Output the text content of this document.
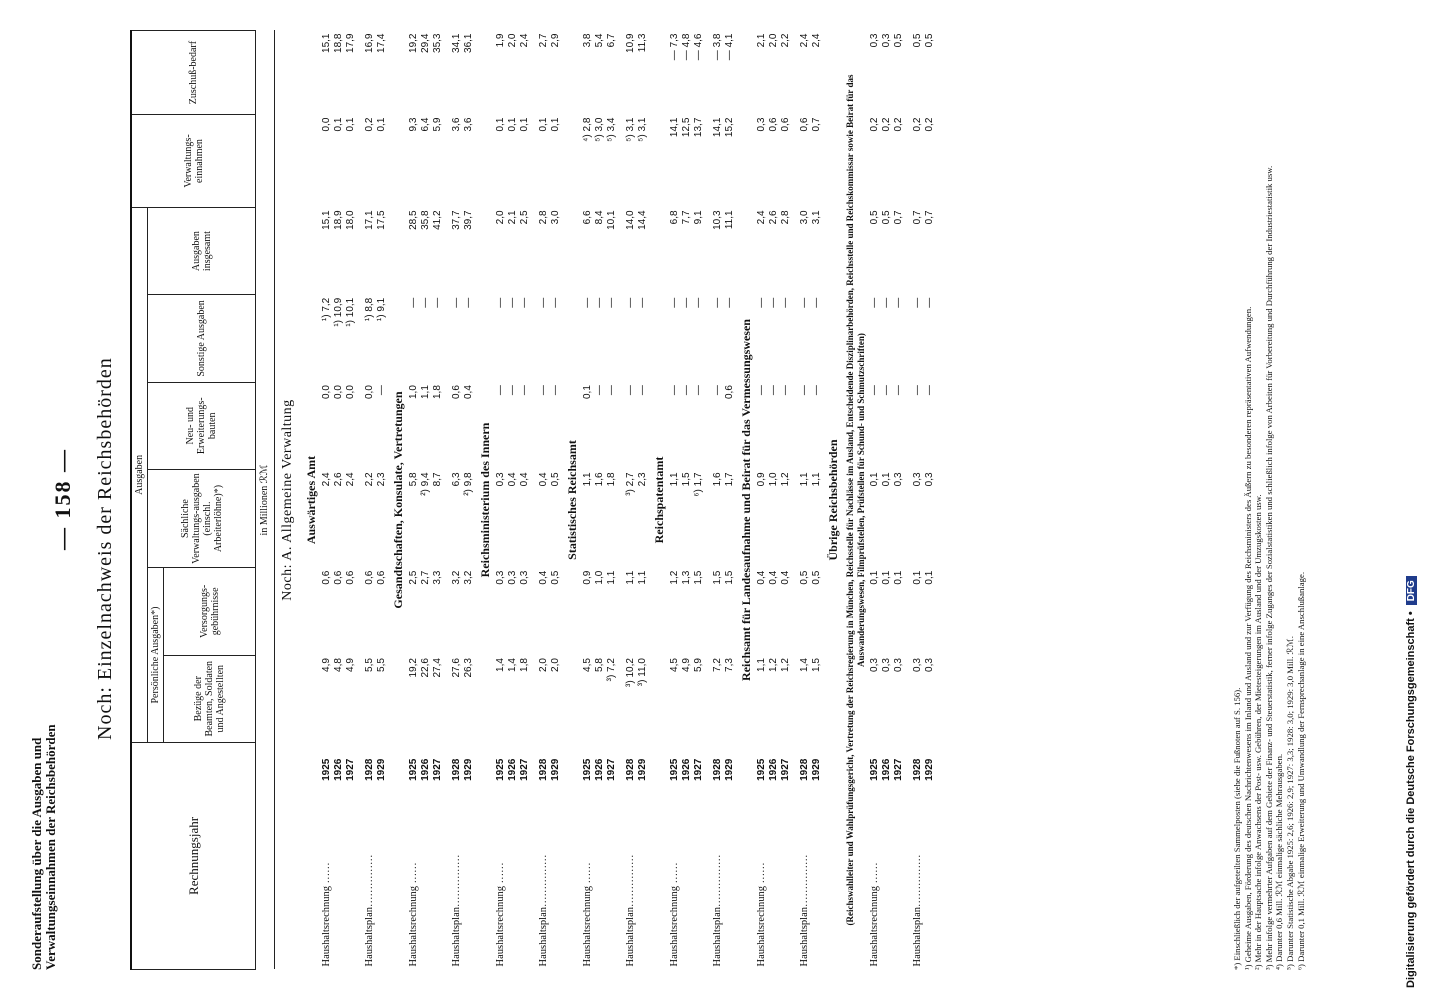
Sonderaufstellung über die Ausgaben und Verwaltungseinnahmen der Reichsbehörden
— 158 — Noch: Einzelnachweis der Reichsbehörden
Rechnungsjahr		Ausgaben						Verwaltungs-einnahmen	Zuschuß-bedarf
		Persönliche Ausgaben*)		Sächliche Verwaltungs-ausgaben (einschl. Arbeiterlöhne)*)	Neu- und Erweiterungs-bauten	Sonstige Ausgaben	Ausgaben insgesamt		
		Bezüge der Beamten, Soldaten und Angestellten	Versorgungs-gebührnisse						
in Millionen ℛℳ									
Noch: A. Allgemeine Verwaltung									
Auswärtiges Amt									
Haushaltsrechnung ……	1925	4,9	0,6	2,4	0,0	¹) 7,2	15,1	0,0	15,1
	1926	4,8	0,6	2,6	0,0	¹) 10,9	18,9	0,1	18,8
	1927	4,9	0,6	2,4	0,0	¹) 10,1	18,0	0,1	17,9

Haushaltsplan……………	1928	5,5	0,6	2,2	0,0	¹) 8,8	17,1	0,2	16,9
	1929	5,5	0,6	2,3	—	¹) 9,1	17,5	0,1	17,4
Gesandtschaften, Konsulate, Vertretungen									
Haushaltsrechnung ……	1925	19,2	2,5	5,8	1,0	—	28,5	9,3	19,2
	1926	22,6	2,7	²) 9,4	1,1	—	35,8	6,4	29,4
	1927	27,4	3,3	8,7	1,8	—	41,2	5,9	35,3

Haushaltsplan……………	1928	27,6	3,2	6,3	0,6	—	37,7	3,6	34,1
	1929	26,3	3,2	²) 9,8	0,4	—	39,7	3,6	36,1
Reichsministerium des Innern									
Haushaltsrechnung ……	1925	1,4	0,3	0,3	—	—	2,0	0,1	1,9
	1926	1,4	0,3	0,4	—	—	2,1	0,1	2,0
	1927	1,8	0,3	0,4	—	—	2,5	0,1	2,4

Haushaltsplan……………	1928	2,0	0,4	0,4	—	—	2,8	0,1	2,7
	1929	2,0	0,5	0,5	—	—	3,0	0,1	2,9
Statistisches Reichsamt									
Haushaltsrechnung ……	1925	4,5	0,9	1,1	0,1	—	6,6	⁴) 2,8	3,8
	1926	5,8	1,0	1,6	—	—	8,4	⁵) 3,0	5,4
	1927	³) 7,2	1,1	1,8	—	—	10,1	⁵) 3,4	6,7

Haushaltsplan……………	1928	³) 10,2	1,1	³) 2,7	—	—	14,0	⁵) 3,1	10,9
	1929	³) 11,0	1,1	2,3	—	—	14,4	⁵) 3,1	11,3
Reichspatentamt									
Haushaltsrechnung ……	1925	4,5	1,2	1,1	—	—	6,8	14,1	— 7,3
	1926	4,9	1,3	1,5	—	—	7,7	12,5	— 4,8
	1927	5,9	1,5	⁶) 1,7	—	—	9,1	13,7	— 4,6

Haushaltsplan……………	1928	7,2	1,5	1,6	—	—	10,3	14,1	— 3,8
	1929	7,3	1,5	1,7	0,6	—	11,1	15,2	— 4,1
Reichsamt für Landesaufnahme und Beirat für das Vermessungswesen									
Haushaltsrechnung ……	1925	1,1	0,4	0,9	—	—	2,4	0,3	2,1
	1926	1,2	0,4	1,0	—	—	2,6	0,6	2,0
	1927	1,2	0,4	1,2	—	—	2,8	0,6	2,2

Haushaltsplan……………	1928	1,4	0,5	1,1	—	—	3,0	0,6	2,4
	1929	1,5	0,5	1,1	—	—	3,1	0,7	2,4
Übrige Reichsbehörden									
(Reichswahlleiter und Wahlprüfungsgericht, Vertretung der Reichsregierung in München, Reichsstelle für Nachlässe im Ausland, Entscheidende Disziplinarbehörden, Reichsstelle und Reichskommissar sowie Beirat für das Auswanderungswesen, Filmprüfstellen, Prüfstellen für Schund- und Schmutzschriften)									
Haushaltsrechnung ……	1925	0,3	0,1	0,1	—	—	0,5	0,2	0,3
	1926	0,3	0,1	0,1	—	—	0,5	0,2	0,3
	1927	0,3	0,1	0,3	—	—	0,7	0,2	0,5

Haushaltsplan……………	1928	0,3	0,1	0,3	—	—	0,7	0,2	0,5
	1929	0,3	0,1	0,3	—	—	0,7	0,2	0,5

*) Einschließlich der aufgeteilten Sammelposten (siehe die Fußnoten auf S. 156). ¹) Geheime Ausgaben, Förderung des deutschen Nachrichtenwesens im Inland und Ausland und zur Verfügung des Reichsministers des Äußern zu besonderen repräsentativen Aufwendungen. ²) Mehr in der Hauptsache infolge Anwachsens der Post- usw. Gebühren, der Mietesteigerungen im Ausland und der Umzugskosten usw. ³) Mehr infolge vermehrter Aufgaben auf dem Gebiete der Finanz- und Steuerstatistik, ferner infolge Zuganges der Sozialstatistiken und schließlich infolge von Arbeiten für Vorbereitung und Durchführung der Industriestatistik usw. ⁴) Darunter 0,6 Mill. ℛℳ einmalige sächliche Mehrausgaben. ⁵) Darunter Statistische Abgabe 1925: 2,6; 1926: 2,9; 1927: 3,3; 1928: 3,0; 1929: 3,0 Mill. ℛℳ. ⁶) Darunter 0,1 Mill. ℛℳ einmalige Erweiterung und Umwandlung der Fernsprechanlage in eine Anschlußanlage.	Digitalisierung gefördert durch die Deutsche Forschungsgemeinschaft •DFG
